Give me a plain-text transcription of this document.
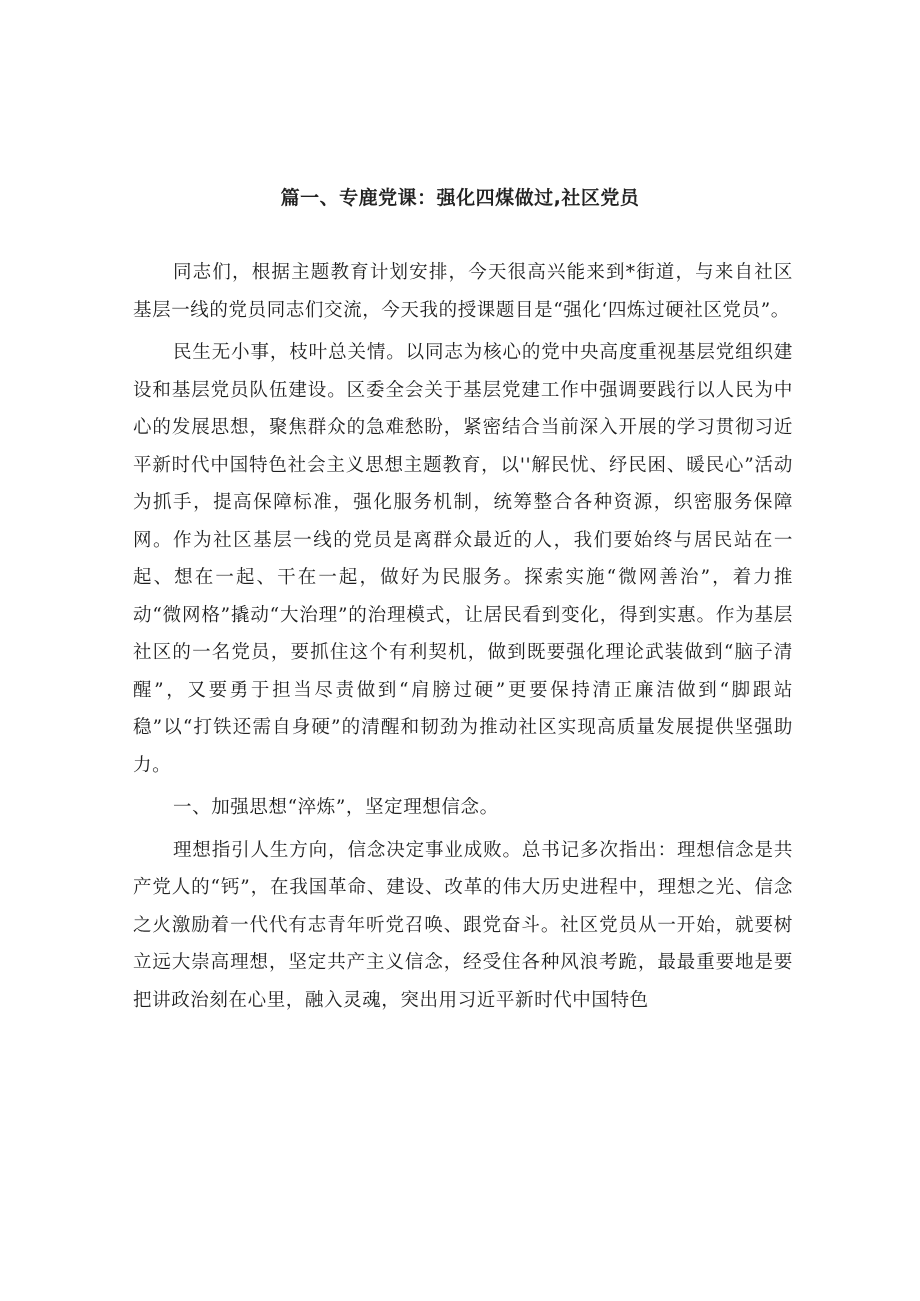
篇一、专鹿党课：强化四煤做过,社区党员

同志们，根据主题教育计划安排，今天很高兴能来到*街道，与来自社区基层一线的党员同志们交流，今天我的授课题目是“强化‘四炼过硬社区党员”。

民生无小事，枝叶总关情。以同志为核心的党中央高度重视基层党组织建设和基层党员队伍建设。区委全会关于基层党建工作中强调要践行以人民为中心的发展思想，聚焦群众的急难愁盼，紧密结合当前深入开展的学习贯彻习近平新时代中国特色社会主义思想主题教育，以''解民忧、纾民困、暖民心”活动为抓手，提高保障标准，强化服务机制，统筹整合各种资源，织密服务保障网。作为社区基层一线的党员是离群众最近的人，我们要始终与居民站在一起、想在一起、干在一起，做好为民服务。探索实施“微网善治”，着力推动“微网格”撬动“大治理”的治理模式，让居民看到变化，得到实惠。作为基层社区的一名党员，要抓住这个有利契机，做到既要强化理论武装做到“脑子清醒”，又要勇于担当尽责做到“肩膀过硬”更要保持清正廉洁做到“脚跟站稳”以“打铁还需自身硬”的清醒和韧劲为推动社区实现高质量发展提供坚强助力。

一、加强思想“淬炼”，坚定理想信念。

理想指引人生方向，信念决定事业成败。总书记多次指出：理想信念是共产党人的“钙”，在我国革命、建设、改革的伟大历史进程中，理想之光、信念之火激励着一代代有志青年听党召唤、跟党奋斗。社区党员从一开始，就要树立远大崇高理想，坚定共产主义信念，经受住各种风浪考跪，最最重要地是要把讲政治刻在心里，融入灵魂，突出用习近平新时代中国特色
